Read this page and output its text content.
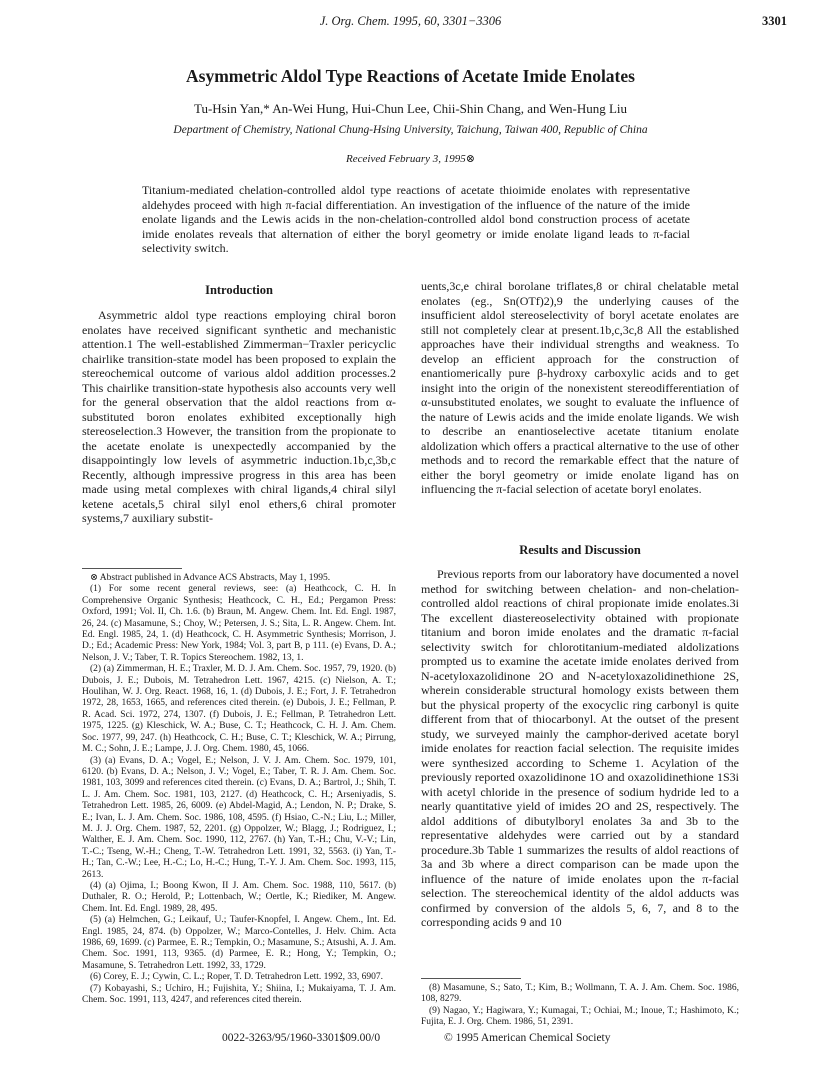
J. Org. Chem. 1995, 60, 3301−3306	3301
Asymmetric Aldol Type Reactions of Acetate Imide Enolates
Tu-Hsin Yan,* An-Wei Hung, Hui-Chun Lee, Chii-Shin Chang, and Wen-Hung Liu
Department of Chemistry, National Chung-Hsing University, Taichung, Taiwan 400, Republic of China
Received February 3, 1995⊗
Titanium-mediated chelation-controlled aldol type reactions of acetate thioimide enolates with representative aldehydes proceed with high π-facial differentiation. An investigation of the influence of the nature of the imide enolate ligands and the Lewis acids in the non-chelation-controlled aldol bond construction process of acetate imide enolates reveals that alternation of either the boryl geometry or imide enolate ligand leads to π-facial selectivity switch.
Introduction

Asymmetric aldol type reactions employing chiral boron enolates have received significant synthetic and mechanistic attention.1 The well-established Zimmerman−Traxler pericyclic chairlike transition-state model has been proposed to explain the stereochemical outcome of various aldol addition processes.2 This chairlike transition-state hypothesis also accounts very well for the general observation that the aldol reactions from α-substituted boron enolates exhibited exceptionally high stereoselection.3 However, the transition from the propionate to the acetate enolate is unexpectedly accompanied by the disappointingly low levels of asymmetric induction.1b,c,3b,c Recently, although impressive progress in this area has been made using metal complexes with chiral ligands,4 chiral silyl ketene acetals,5 chiral silyl enol ethers,6 chiral promoter systems,7 auxiliary substit-

⊗ Abstract published in Advance ACS Abstracts, May 1, 1995.

(1) For some recent general reviews, see: (a) Heathcock, C. H. In Comprehensive Organic Synthesis; Heathcock, C. H., Ed.; Pergamon Press: Oxford, 1991; Vol. II, Ch. 1.6. (b) Braun, M. Angew. Chem. Int. Ed. Engl. 1987, 26, 24. (c) Masamune, S.; Choy, W.; Petersen, J. S.; Sita, L. R. Angew. Chem. Int. Ed. Engl. 1985, 24, 1. (d) Heathcock, C. H. Asymmetric Synthesis; Morrison, J. D.; Ed.; Academic Press: New York, 1984; Vol. 3, part B, p 111. (e) Evans, D. A.; Nelson, J. V.; Taber, T. R. Topics Stereochem. 1982, 13, 1.

(2) (a) Zimmerman, H. E.; Traxler, M. D. J. Am. Chem. Soc. 1957, 79, 1920. (b) Dubois, J. E.; Dubois, M. Tetrahedron Lett. 1967, 4215. (c) Nielson, A. T.; Houlihan, W. J. Org. React. 1968, 16, 1. (d) Dubois, J. E.; Fort, J. F. Tetrahedron 1972, 28, 1653, 1665, and references cited therein. (e) Dubois, J. E.; Fellman, P. R. Acad. Sci. 1972, 274, 1307. (f) Dubois, J. E.; Fellman, P. Tetrahedron Lett. 1975, 1225. (g) Kleschick, W. A.; Buse, C. T.; Heathcock, C. H. J. Am. Chem. Soc. 1977, 99, 247. (h) Heathcock, C. H.; Buse, C. T.; Kleschick, W. A.; Pirrung, M. C.; Sohn, J. E.; Lampe, J. J. Org. Chem. 1980, 45, 1066.

(3) (a) Evans, D. A.; Vogel, E.; Nelson, J. V. J. Am. Chem. Soc. 1979, 101, 6120. (b) Evans, D. A.; Nelson, J. V.; Vogel, E.; Taber, T. R. J. Am. Chem. Soc. 1981, 103, 3099 and references cited therein. (c) Evans, D. A.; Bartrol, J.; Shih, T. L. J. Am. Chem. Soc. 1981, 103, 2127. (d) Heathcock, C. H.; Arseniyadis, S. Tetrahedron Lett. 1985, 26, 6009. (e) Abdel-Magid, A.; Lendon, N. P.; Drake, S. E.; Ivan, L. J. Am. Chem. Soc. 1986, 108, 4595. (f) Hsiao, C.-N.; Liu, L.; Miller, M. J. J. Org. Chem. 1987, 52, 2201. (g) Oppolzer, W.; Blagg, J.; Rodriguez, I.; Walther, E. J. Am. Chem. Soc. 1990, 112, 2767. (h) Yan, T.-H.; Chu, V.-V.; Lin, T.-C.; Tseng, W.-H.; Cheng, T.-W. Tetrahedron Lett. 1991, 32, 5563. (i) Yan, T.-H.; Tan, C.-W.; Lee, H.-C.; Lo, H.-C.; Hung, T.-Y. J. Am. Chem. Soc. 1993, 115, 2613.

(4) (a) Ojima, I.; Boong Kwon, II J. Am. Chem. Soc. 1988, 110, 5617. (b) Duthaler, R. O.; Herold, P.; Lottenbach, W.; Oertle, K.; Riediker, M. Angew. Chem. Int. Ed. Engl. 1989, 28, 495.

(5) (a) Helmchen, G.; Leikauf, U.; Taufer-Knopfel, I. Angew. Chem., Int. Ed. Engl. 1985, 24, 874. (b) Oppolzer, W.; Marco-Contelles, J. Helv. Chim. Acta 1986, 69, 1699. (c) Parmee, E. R.; Tempkin, O.; Masamune, S.; Atsushi, A. J. Am. Chem. Soc. 1991, 113, 9365. (d) Parmee, E. R.; Hong, Y.; Tempkin, O.; Masamune, S. Tetrahedron Lett. 1992, 33, 1729.

(6) Corey, E. J.; Cywin, C. L.; Roper, T. D. Tetrahedron Lett. 1992, 33, 6907.

(7) Kobayashi, S.; Uchiro, H.; Fujishita, Y.; Shiina, I.; Mukaiyama, T. J. Am. Chem. Soc. 1991, 113, 4247, and references cited therein.

uents,3c,e chiral borolane triflates,8 or chiral chelatable metal enolates (eg., Sn(OTf)2),9 the underlying causes of the insufficient aldol stereoselectivity of boryl acetate enolates are still not completely clear at present.1b,c,3c,8 All the established approaches have their individual strengths and weakness. To develop an efficient approach for the construction of enantiomerically pure β-hydroxy carboxylic acids and to get insight into the origin of the nonexistent stereodifferentiation of α-unsubstituted enolates, we sought to evaluate the influence of the nature of Lewis acids and the imide enolate ligands. We wish to describe an enantioselective acetate titanium enolate aldolization which offers a practical alternative to the use of other methods and to record the remarkable effect that the nature of either the boryl geometry or imide enolate ligand has on influencing the π-facial selection of acetate boryl enolates.

Results and Discussion

Previous reports from our laboratory have documented a novel method for switching between chelation- and non-chelation-controlled aldol reactions of chiral propionate imide enolates.3i The excellent diastereoselectivity obtained with propionate titanium and boron imide enolates and the dramatic π-facial selectivity switch for chlorotitanium-mediated aldolizations prompted us to examine the acetate imide enolates derived from N-acetyloxazolidinone 2O and N-acetyloxazolidinethione 2S, wherein considerable structural homology exists between them but the physical property of the exocyclic ring carbonyl is quite different from that of thiocarbonyl. At the outset of the present study, we surveyed mainly the camphor-derived acetate boryl imide enolates for reaction facial selection. The requisite imides were synthesized according to Scheme 1. Acylation of the previously reported oxazolidinone 1O and oxazolidinethione 1S3i with acetyl chloride in the presence of sodium hydride led to a nearly quantitative yield of imides 2O and 2S, respectively. The aldol additions of dibutylboryl enolates 3a and 3b to the representative aldehydes were carried out by a standard procedure.3b Table 1 summarizes the results of aldol reactions of 3a and 3b where a direct comparison can be made upon the influence of the nature of imide enolates upon the π-facial selection. The stereochemical identity of the aldol adducts was confirmed by conversion of the aldols 5, 6, 7, and 8 to the corresponding acids 9 and 10

(8) Masamune, S.; Sato, T.; Kim, B.; Wollmann, T. A. J. Am. Chem. Soc. 1986, 108, 8279.

(9) Nagao, Y.; Hagiwara, Y.; Kumagai, T.; Ochiai, M.; Inoue, T.; Hashimoto, K.; Fujita, E. J. Org. Chem. 1986, 51, 2391.

0022-3263/95/1960-3301$09.00/0	© 1995 American Chemical Society
